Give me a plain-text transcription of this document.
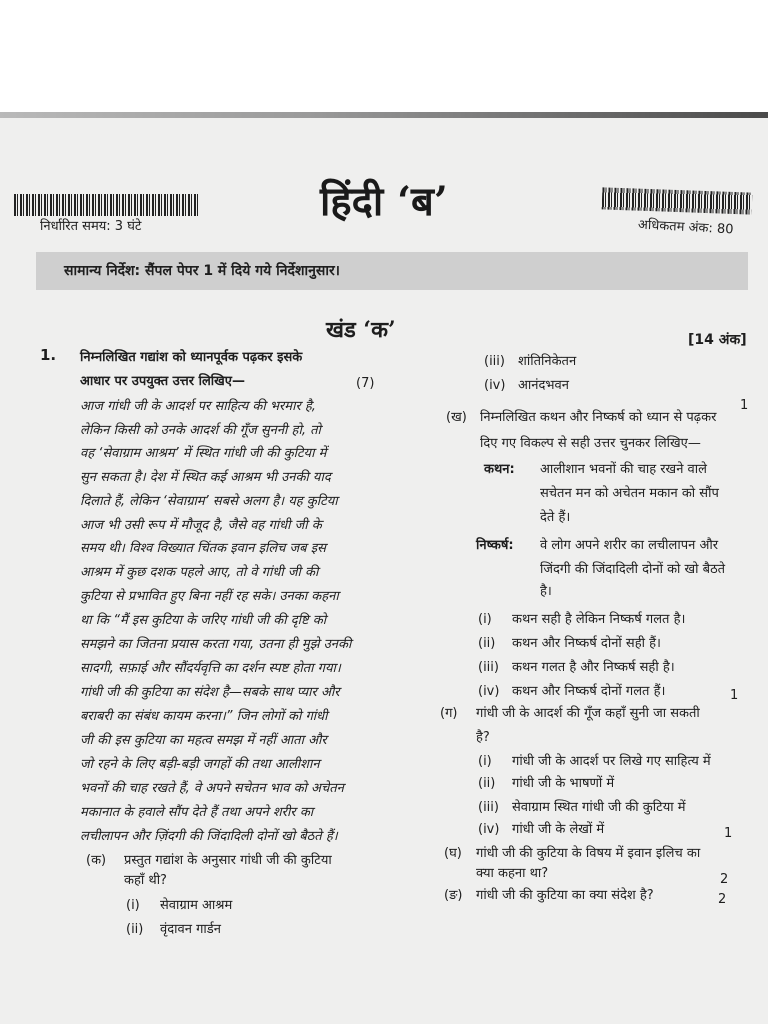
हिंदी ‘ब’
निर्धारित समय: 3 घंटे	अधिकतम अंक: 80
सामान्य निर्देश: सैंपल पेपर 1 में दिये गये निर्देशानुसार।
खंड ‘क’	[14 अंक]
1. निम्नलिखित गद्यांश को ध्यानपूर्वक पढ़कर इसके
आधार पर उपयुक्त उत्तर लिखिए—	(7)
आज गांधी जी के आदर्श पर साहित्य की भरमार है,
लेकिन किसी को उनके आदर्श की गूँज सुननी हो, तो
वह ‘सेवाग्राम आश्रम’ में स्थित गांधी जी की कुटिया में
सुन सकता है। देश में स्थित कई आश्रम भी उनकी याद
दिलाते हैं, लेकिन ‘सेवाग्राम’ सबसे अलग है। यह कुटिया
आज भी उसी रूप में मौजूद है, जैसे वह गांधी जी के
समय थी। विश्व विख्यात चिंतक इवान इलिच जब इस
आश्रम में कुछ दशक पहले आए, तो वे गांधी जी की
कुटिया से प्रभावित हुए बिना नहीं रह सके। उनका कहना
था कि “मैं इस कुटिया के जरिए गांधी जी की दृष्टि को
समझने का जितना प्रयास करता गया, उतना ही मुझे उनकी
सादगी, सफ़ाई और सौंदर्यवृत्ति का दर्शन स्पष्ट होता गया।
गांधी जी की कुटिया का संदेश है—सबके साथ प्यार और
बराबरी का संबंध कायम करना।” जिन लोगों को गांधी
जी की इस कुटिया का महत्व समझ में नहीं आता और
जो रहने के लिए बड़ी-बड़ी जगहों की तथा आलीशान
भवनों की चाह रखते हैं, वे अपने सचेतन भाव को अचेतन
मकानात के हवाले सौंप देते हैं तथा अपने शरीर का
लचीलापन और ज़िंदगी की जिंदादिली दोनों खो बैठते हैं।
(क) प्रस्तुत गद्यांश के अनुसार गांधी जी की कुटिया
कहाँ थी?
(i) सेवाग्राम आश्रम
(ii) वृंदावन गार्डन
(iii) शांतिनिकेतन
(iv) आनंदभवन
1
(ख) निम्नलिखित कथन और निष्कर्ष को ध्यान से पढ़कर
दिए गए विकल्प से सही उत्तर चुनकर लिखिए—
कथन: आलीशान भवनों की चाह रखने वाले
सचेतन मन को अचेतन मकान को सौंप
देते हैं।
निष्कर्ष: वे लोग अपने शरीर का लचीलापन और
जिंदगी की जिंदादिली दोनों को खो बैठते
है।
(i) कथन सही है लेकिन निष्कर्ष गलत है।
(ii) कथन और निष्कर्ष दोनों सही हैं।
(iii) कथन गलत है और निष्कर्ष सही है।
(iv) कथन और निष्कर्ष दोनों गलत हैं।	1
(ग) गांधी जी के आदर्श की गूँज कहाँ सुनी जा सकती
है?
(i) गांधी जी के आदर्श पर लिखे गए साहित्य में
(ii) गांधी जी के भाषणों में
(iii) सेवाग्राम स्थित गांधी जी की कुटिया में
(iv) गांधी जी के लेखों में	1
(घ) गांधी जी की कुटिया के विषय में इवान इलिच का
क्या कहना था?	2
(ङ) गांधी जी की कुटिया का क्या संदेश है?	2
